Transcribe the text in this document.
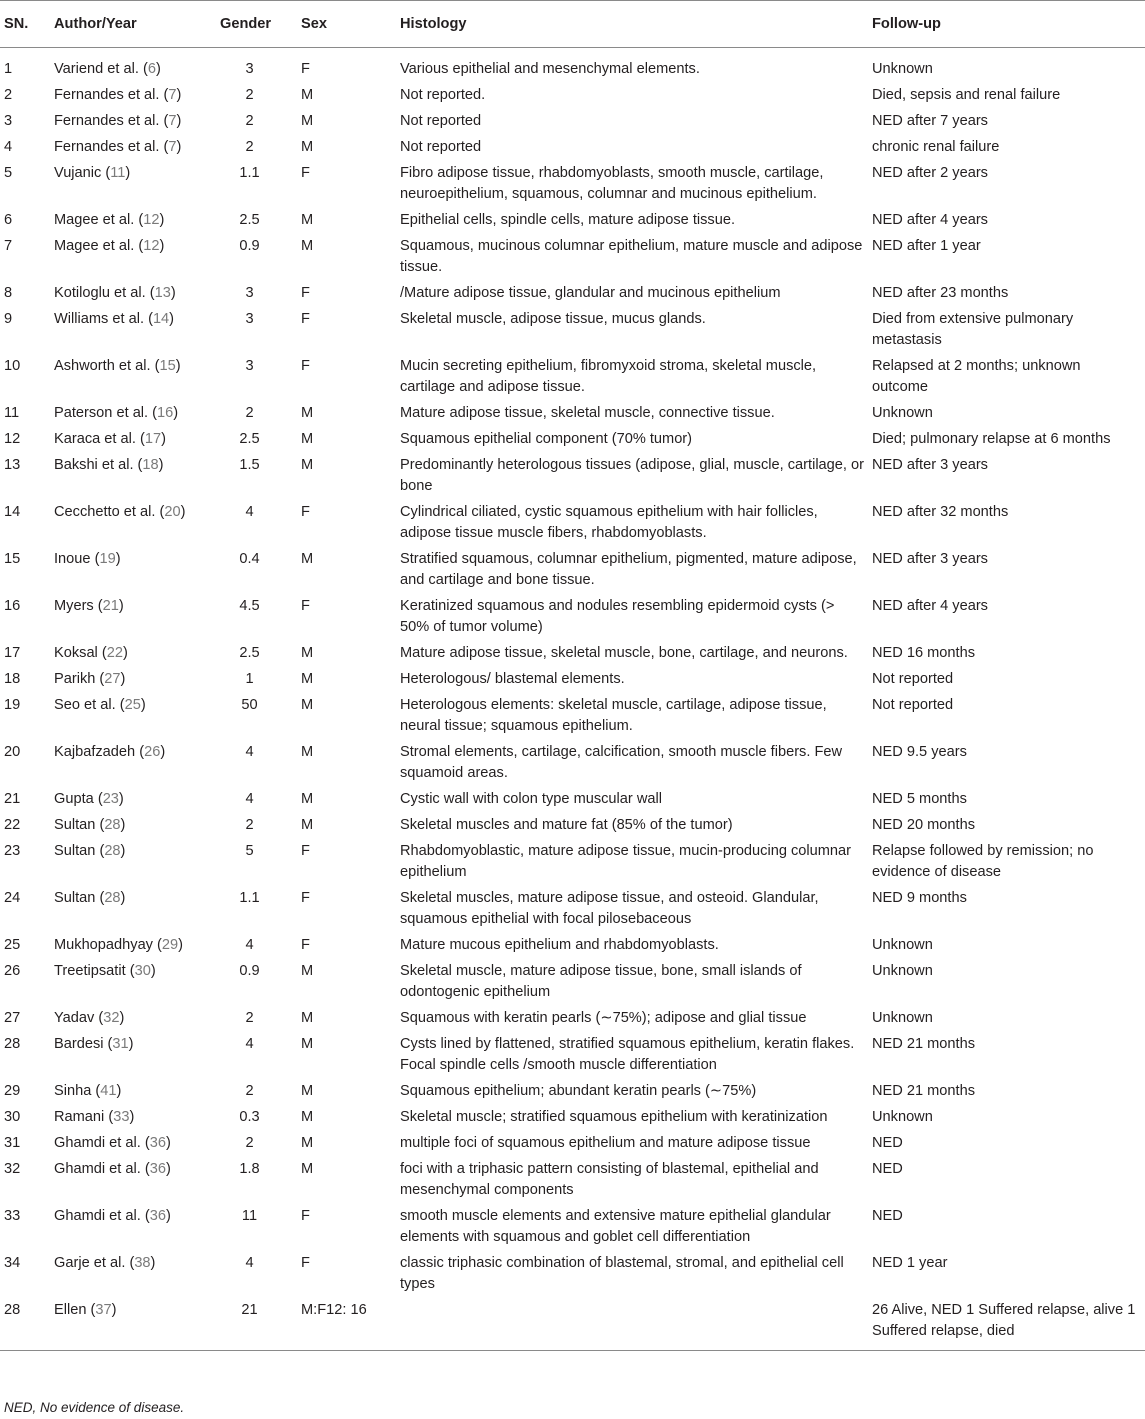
SN.	Author/Year	Gender	Sex	Histology	Follow-up
1	Variend et al. (6)	3	F	Various epithelial and mesenchymal elements.	Unknown
2	Fernandes et al. (7)	2	M	Not reported.	Died, sepsis and renal failure
3	Fernandes et al. (7)	2	M	Not reported	NED after 7 years
4	Fernandes et al. (7)	2	M	Not reported	chronic renal failure
5	Vujanic (11)	1.1	F	Fibro adipose tissue, rhabdomyoblasts, smooth muscle, cartilage, neuroepithelium, squamous, columnar and mucinous epithelium.	NED after 2 years
6	Magee et al. (12)	2.5	M	Epithelial cells, spindle cells, mature adipose tissue.	NED after 4 years
7	Magee et al. (12)	0.9	M	Squamous, mucinous columnar epithelium, mature muscle and adipose tissue.	NED after 1 year
8	Kotiloglu et al. (13)	3	F	/Mature adipose tissue, glandular and mucinous epithelium	NED after 23 months
9	Williams et al. (14)	3	F	Skeletal muscle, adipose tissue, mucus glands.	Died from extensive pulmonary metastasis
10	Ashworth et al. (15)	3	F	Mucin secreting epithelium, fibromyxoid stroma, skeletal muscle, cartilage and adipose tissue.	Relapsed at 2 months; unknown outcome
11	Paterson et al. (16)	2	M	Mature adipose tissue, skeletal muscle, connective tissue.	Unknown
12	Karaca et al. (17)	2.5	M	Squamous epithelial component (70% tumor)	Died; pulmonary relapse at 6 months
13	Bakshi et al. (18)	1.5	M	Predominantly heterologous tissues (adipose, glial, muscle, cartilage, or bone	NED after 3 years
14	Cecchetto et al. (20)	4	F	Cylindrical ciliated, cystic squamous epithelium with hair follicles, adipose tissue muscle fibers, rhabdomyoblasts.	NED after 32 months
15	Inoue (19)	0.4	M	Stratified squamous, columnar epithelium, pigmented, mature adipose, and cartilage and bone tissue.	NED after 3 years
16	Myers (21)	4.5	F	Keratinized squamous and nodules resembling epidermoid cysts (> 50% of tumor volume)	NED after 4 years
17	Koksal (22)	2.5	M	Mature adipose tissue, skeletal muscle, bone, cartilage, and neurons.	NED 16 months
18	Parikh (27)	1	M	Heterologous/ blastemal elements.	Not reported
19	Seo et al. (25)	50	M	Heterologous elements: skeletal muscle, cartilage, adipose tissue, neural tissue; squamous epithelium.	Not reported
20	Kajbafzadeh (26)	4	M	Stromal elements, cartilage, calcification, smooth muscle fibers. Few squamoid areas.	NED 9.5 years
21	Gupta (23)	4	M	Cystic wall with colon type muscular wall	NED 5 months
22	Sultan (28)	2	M	Skeletal muscles and mature fat (85% of the tumor)	NED 20 months
23	Sultan (28)	5	F	Rhabdomyoblastic, mature adipose tissue, mucin-producing columnar epithelium	Relapse followed by remission; no evidence of disease
24	Sultan (28)	1.1	F	Skeletal muscles, mature adipose tissue, and osteoid. Glandular, squamous epithelial with focal pilosebaceous	NED 9 months
25	Mukhopadhyay (29)	4	F	Mature mucous epithelium and rhabdomyoblasts.	Unknown
26	Treetipsatit (30)	0.9	M	Skeletal muscle, mature adipose tissue, bone, small islands of odontogenic epithelium	Unknown
27	Yadav (32)	2	M	Squamous with keratin pearls (∼75%); adipose and glial tissue	Unknown
28	Bardesi (31)	4	M	Cysts lined by flattened, stratified squamous epithelium, keratin flakes. Focal spindle cells /smooth muscle differentiation	NED 21 months
29	Sinha (41)	2	M	Squamous epithelium; abundant keratin pearls (∼75%)	NED 21 months
30	Ramani (33)	0.3	M	Skeletal muscle; stratified squamous epithelium with keratinization	Unknown
31	Ghamdi et al. (36)	2	M	multiple foci of squamous epithelium and mature adipose tissue	NED
32	Ghamdi et al. (36)	1.8	M	foci with a triphasic pattern consisting of blastemal, epithelial and mesenchymal components	NED
33	Ghamdi et al. (36)	11	F	smooth muscle elements and extensive mature epithelial glandular elements with squamous and goblet cell differentiation	NED
34	Garje et al. (38)	4	F	classic triphasic combination of blastemal, stromal, and epithelial cell types	NED 1 year
28	Ellen (37)	21	M:F12: 16		26 Alive, NED 1 Suffered relapse, alive 1 Suffered relapse, died
NED, No evidence of disease.
